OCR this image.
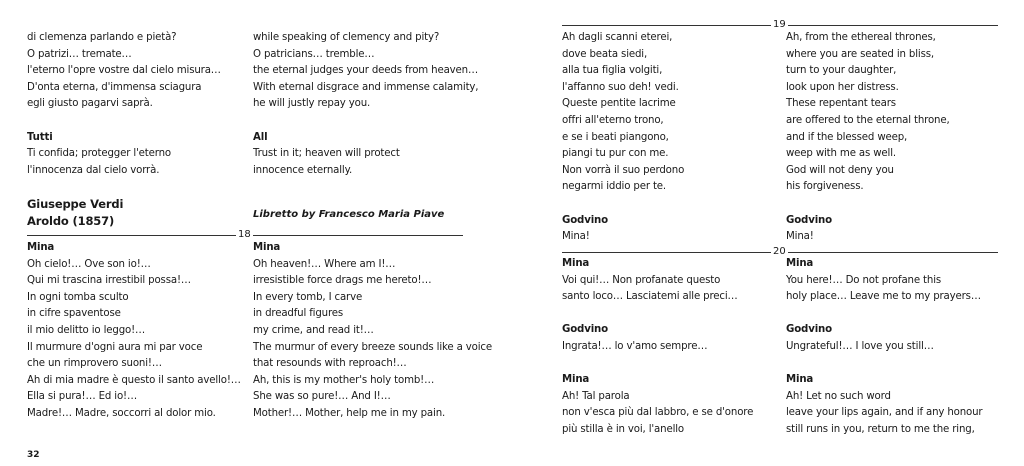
di clemenza parlando e pietà?
O patrizi… tremate…
l'eterno l'opre vostre dal cielo misura…
D'onta eterna, d'immensa sciagura
egli giusto pagarvi saprà.
Tutti
Ti confida; protegger l'eterno
l'innocenza dal cielo vorrà.
Giuseppe Verdi
Aroldo (1857)
while speaking of clemency and pity?
O patricians… tremble…
the eternal judges your deeds from heaven…
With eternal disgrace and immense calamity,
he will justly repay you.
All
Trust in it; heaven will protect
innocence eternally.
Libretto by Francesco Maria Piave
18
Mina
Oh cielo!… Ove son io!…
Qui mi trascina irrestibil possa!…
In ogni tomba sculto
in cifre spaventose
il mio delitto io leggo!…
Il murmure d'ogni aura mi par voce
che un rimprovero suoni!…
Ah di mia madre è questo il santo avello!…
Ella si pura!… Ed io!…
Madre!… Madre, soccorri al dolor mio.
Mina
Oh heaven!… Where am I!…
irresistible force drags me hereto!…
In every tomb, I carve
in dreadful figures
my crime, and read it!…
The murmur of every breeze sounds like a voice
that resounds with reproach!…
Ah, this is my mother's holy tomb!…
She was so pure!… And I!…
Mother!… Mother, help me in my pain.
32
19
Ah dagli scanni eterei,
dove beata siedi,
alla tua figlia volgiti,
l'affanno suo deh! vedi.
Queste pentite lacrime
offri all'eterno trono,
e se i beati piangono,
piangi tu pur con me.
Non vorrà il suo perdono
negarmi iddio per te.
Godvino
Mina!
Ah, from the ethereal thrones,
where you are seated in bliss,
turn to your daughter,
look upon her distress.
These repentant tears
are offered to the eternal throne,
and if the blessed weep,
weep with me as well.
God will not deny you
his forgiveness.
Godvino
Mina!
20
Mina
Voi qui!… Non profanate questo
santo loco… Lasciatemi alle preci…
Godvino
Ingrata!… lo v'amo sempre…
Mina
Ah! Tal parola
non v'esca più dal labbro, e se d'onore
più stilla è in voi, l'anello
Mina
You here!… Do not profane this
holy place… Leave me to my prayers…
Godvino
Ungrateful!… I love you still…
Mina
Ah! Let no such word
leave your lips again, and if any honour
still runs in you, return to me the ring,
